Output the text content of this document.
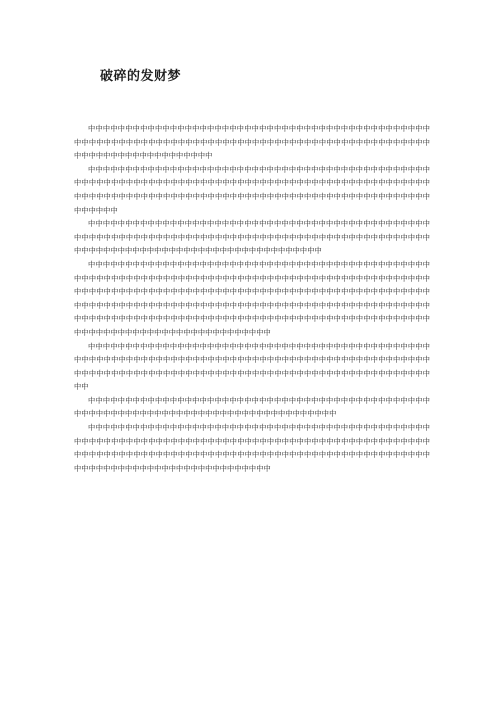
破碎的发财梦

中中中中中中中中中中中中中中中中中中中中中中中中中中中中中中中中中中中中中中中中中中中中中中中中中中中中中中中中中中中中中中中中中中中中中中中中中中中中中中中中中中中中中中中中中中中中中中中中中中中中中中中中中中中中中中中中中

中中中中中中中中中中中中中中中中中中中中中中中中中中中中中中中中中中中中中中中中中中中中中中中中中中中中中中中中中中中中中中中中中中中中中中中中中中中中中中中中中中中中中中中中中中中中中中中中中中中中中中中中中中中中中中中中中中中中中中中中中中中中中中中中中中中中中中中中中中中中中中中中中中中中

中中中中中中中中中中中中中中中中中中中中中中中中中中中中中中中中中中中中中中中中中中中中中中中中中中中中中中中中中中中中中中中中中中中中中中中中中中中中中中中中中中中中中中中中中中中中中中中中中中中中中中中中中中中中中中中中中中中中中中中中中中中中中中中中

中中中中中中中中中中中中中中中中中中中中中中中中中中中中中中中中中中中中中中中中中中中中中中中中中中中中中中中中中中中中中中中中中中中中中中中中中中中中中中中中中中中中中中中中中中中中中中中中中中中中中中中中中中中中中中中中中中中中中中中中中中中中中中中中中中中中中中中中中中中中中中中中中中中中中中中中中中中中中中中中中中中中中中中中中中中中中中中中中中中中中中中中中中中中中中中中中中中中中中中中中中中中中中中中中中中中中中中中中中中中中中中中中中中中中中中中中中中中中中中中中中中中中中中中中中中中中中中中中中中中中中中中中

中中中中中中中中中中中中中中中中中中中中中中中中中中中中中中中中中中中中中中中中中中中中中中中中中中中中中中中中中中中中中中中中中中中中中中中中中中中中中中中中中中中中中中中中中中中中中中中中中中中中中中中中中中中中中中中中中中中中中中中中中中中中中中中中中中中中中中中中中中中中中中中中

中中中中中中中中中中中中中中中中中中中中中中中中中中中中中中中中中中中中中中中中中中中中中中中中中中中中中中中中中中中中中中中中中中中中中中中中中中中中中中中中中中

中中中中中中中中中中中中中中中中中中中中中中中中中中中中中中中中中中中中中中中中中中中中中中中中中中中中中中中中中中中中中中中中中中中中中中中中中中中中中中中中中中中中中中中中中中中中中中中中中中中中中中中中中中中中中中中中中中中中中中中中中中中中中中中中中中中中中中中中中中中中中中中中中中中中中中中中中中中中中中中中中中中中中中中中中
